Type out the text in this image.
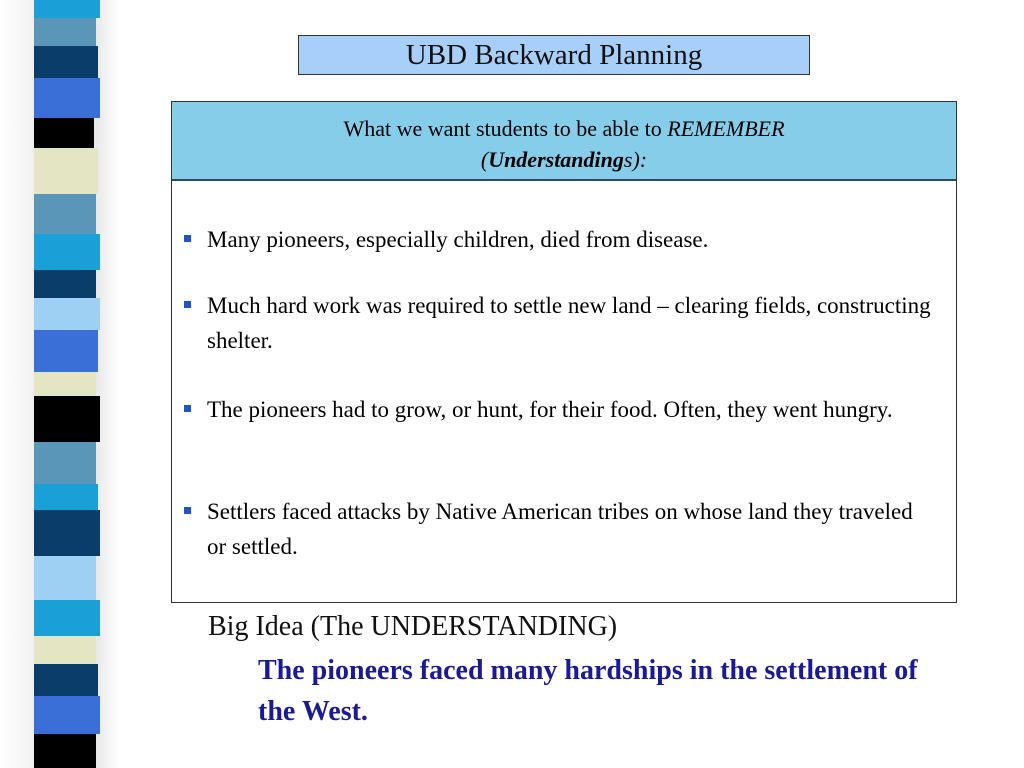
UBD Backward Planning
What we want students to be able to REMEMBER
(Understandings):
Many pioneers, especially children, died from disease.
Much hard work was required to settle new land – clearing fields, constructing shelter.
The pioneers had to grow, or hunt, for their food. Often, they went hungry.
Settlers faced attacks by Native American tribes on whose land they traveled or settled.
Big Idea (The UNDERSTANDING)
The pioneers faced many hardships in the settlement of the West.
